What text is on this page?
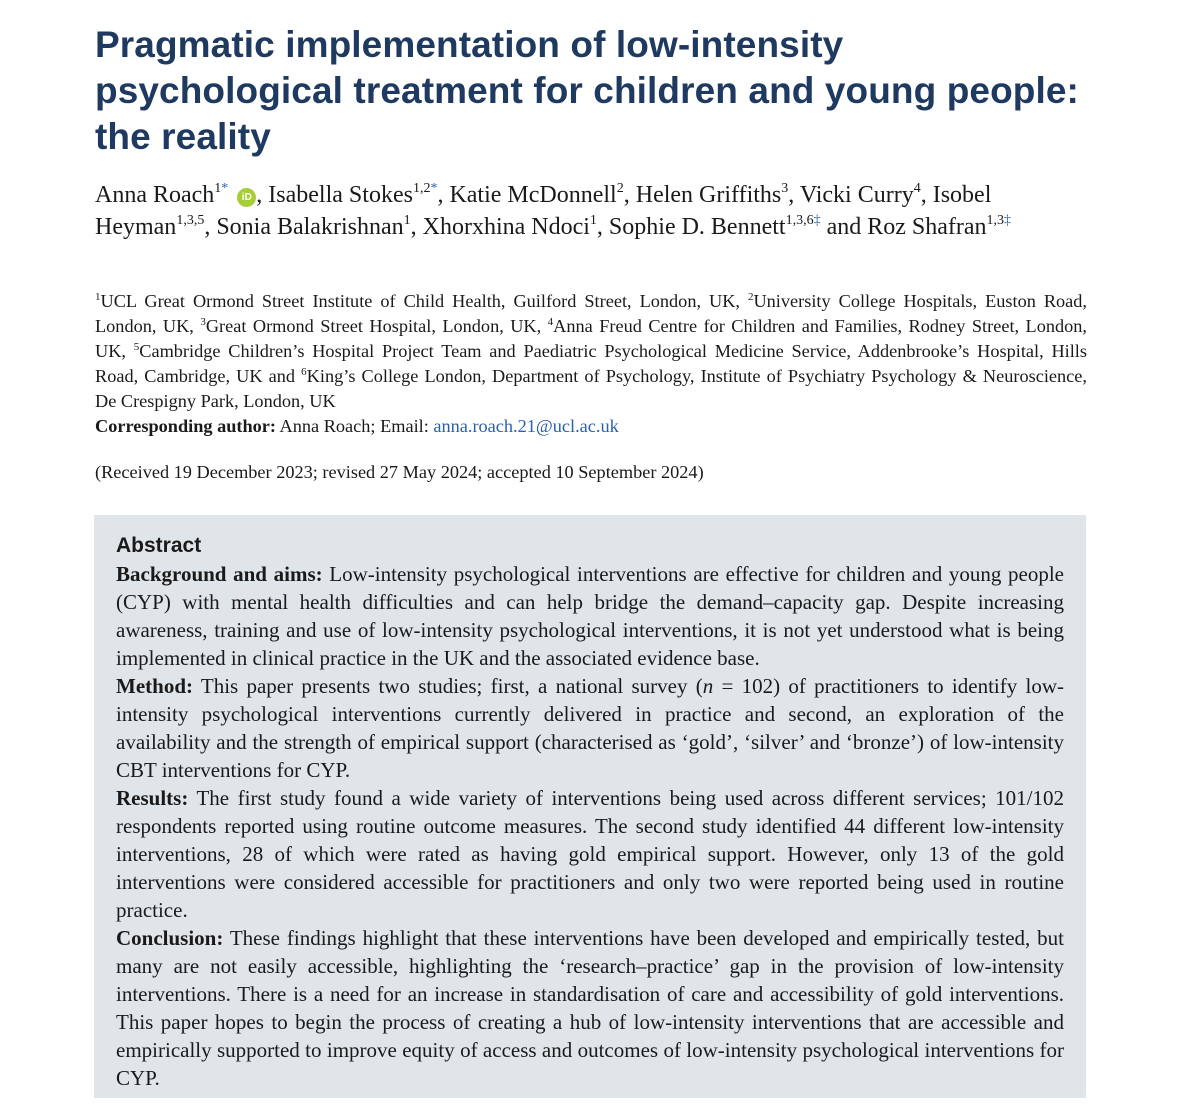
Pragmatic implementation of low-intensity psychological treatment for children and young people: the reality

Anna Roach$^{1*}$ iD , Isabella Stokes$^{1,2*}$, Katie McDonnell$^2$, Helen Griffiths$^3$, Vicki Curry$^4$, Isobel Heyman$^{1,3,5}$, Sonia Balakrishnan$^1$, Xhorxhina Ndoci$^1$, Sophie D. Bennett$^{1,3,6\ddagger}$ and Roz Shafran$^{1,3\ddagger}$

$^1$UCL Great Ormond Street Institute of Child Health, Guilford Street, London, UK, $^2$University College Hospitals, Euston Road, London, UK, $^3$Great Ormond Street Hospital, London, UK, $^4$Anna Freud Centre for Children and Families, Rodney Street, London, UK, $^5$Cambridge Children’s Hospital Project Team and Paediatric Psychological Medicine Service, Addenbrooke’s Hospital, Hills Road, Cambridge, UK and $^6$King’s College London, Department of Psychology, Institute of Psychiatry Psychology & Neuroscience, De Crespigny Park, London, UK

Corresponding author: Anna Roach; Email: anna.roach.21@ucl.ac.uk

(Received 19 December 2023; revised 27 May 2024; accepted 10 September 2024)

Abstract

Background and aims: Low-intensity psychological interventions are effective for children and young people (CYP) with mental health difficulties and can help bridge the demand–capacity gap. Despite increasing awareness, training and use of low-intensity psychological interventions, it is not yet understood what is being implemented in clinical practice in the UK and the associated evidence base.

Method: This paper presents two studies; first, a national survey (n = 102) of practitioners to identify low-intensity psychological interventions currently delivered in practice and second, an exploration of the availability and the strength of empirical support (characterised as ‘gold’, ‘silver’ and ‘bronze’) of low-intensity CBT interventions for CYP.

Results: The first study found a wide variety of interventions being used across different services; 101/102 respondents reported using routine outcome measures. The second study identified 44 different low-intensity interventions, 28 of which were rated as having gold empirical support. However, only 13 of the gold interventions were considered accessible for practitioners and only two were reported being used in routine practice.

Conclusion: These findings highlight that these interventions have been developed and empirically tested, but many are not easily accessible, highlighting the ‘research–practice’ gap in the provision of low-intensity interventions. There is a need for an increase in standardisation of care and accessibility of gold interventions. This paper hopes to begin the process of creating a hub of low-intensity interventions that are accessible and empirically supported to improve equity of access and outcomes of low-intensity psychological interventions for CYP.
